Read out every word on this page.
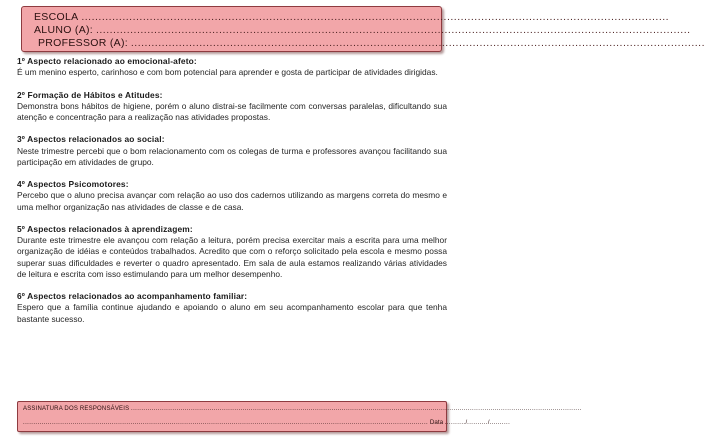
ESCOLA ............................................................................................................................................................................
ALUNO (A): ..............................................................................................................................................................................
PROFESSOR (A): ........................................................................................................................................................................

1º Aspecto relacionado ao emocional-afeto:

É um menino esperto, carinhoso e com bom potencial para aprender e gosta de participar de atividades dirigidas.

2º Formação de Hábitos e Atitudes:

Demonstra bons hábitos de higiene, porém o aluno distrai-se facilmente com conversas paralelas, dificultando sua atenção e concentração para a realização nas atividades propostas.

3º Aspectos relacionados ao social:

Neste trimestre percebi que o bom relacionamento com os colegas de turma e professores avançou facilitando sua participação em atividades de grupo.

4º Aspectos Psicomotores:

Percebo que o aluno precisa avançar com relação ao uso dos cadernos utilizando as margens correta do mesmo e uma melhor organização nas atividades de classe e de casa.

5º Aspectos relacionados à aprendizagem:

Durante este trimestre ele avançou com relação a leitura, porém precisa exercitar mais a escrita para uma melhor organização de idéias e conteúdos trabalhados. Acredito que com o reforço solicitado pela escola e mesmo possa superar suas dificuldades e reverter o quadro apresentado. Em sala de aula estamos realizando várias atividades de leitura e escrita com isso estimulando para um melhor desempenho.

6º Aspectos relacionados ao acompanhamento familiar:

Espero que a família continue ajudando e apoiando o aluno em seu acompanhamento escolar para que tenha bastante sucesso.

ASSINATURA DOS RESPONSÁVEIS ..........................................................................................................................................................................................................................
.................................................................................................................................................................................................... Data ........../........../..........
